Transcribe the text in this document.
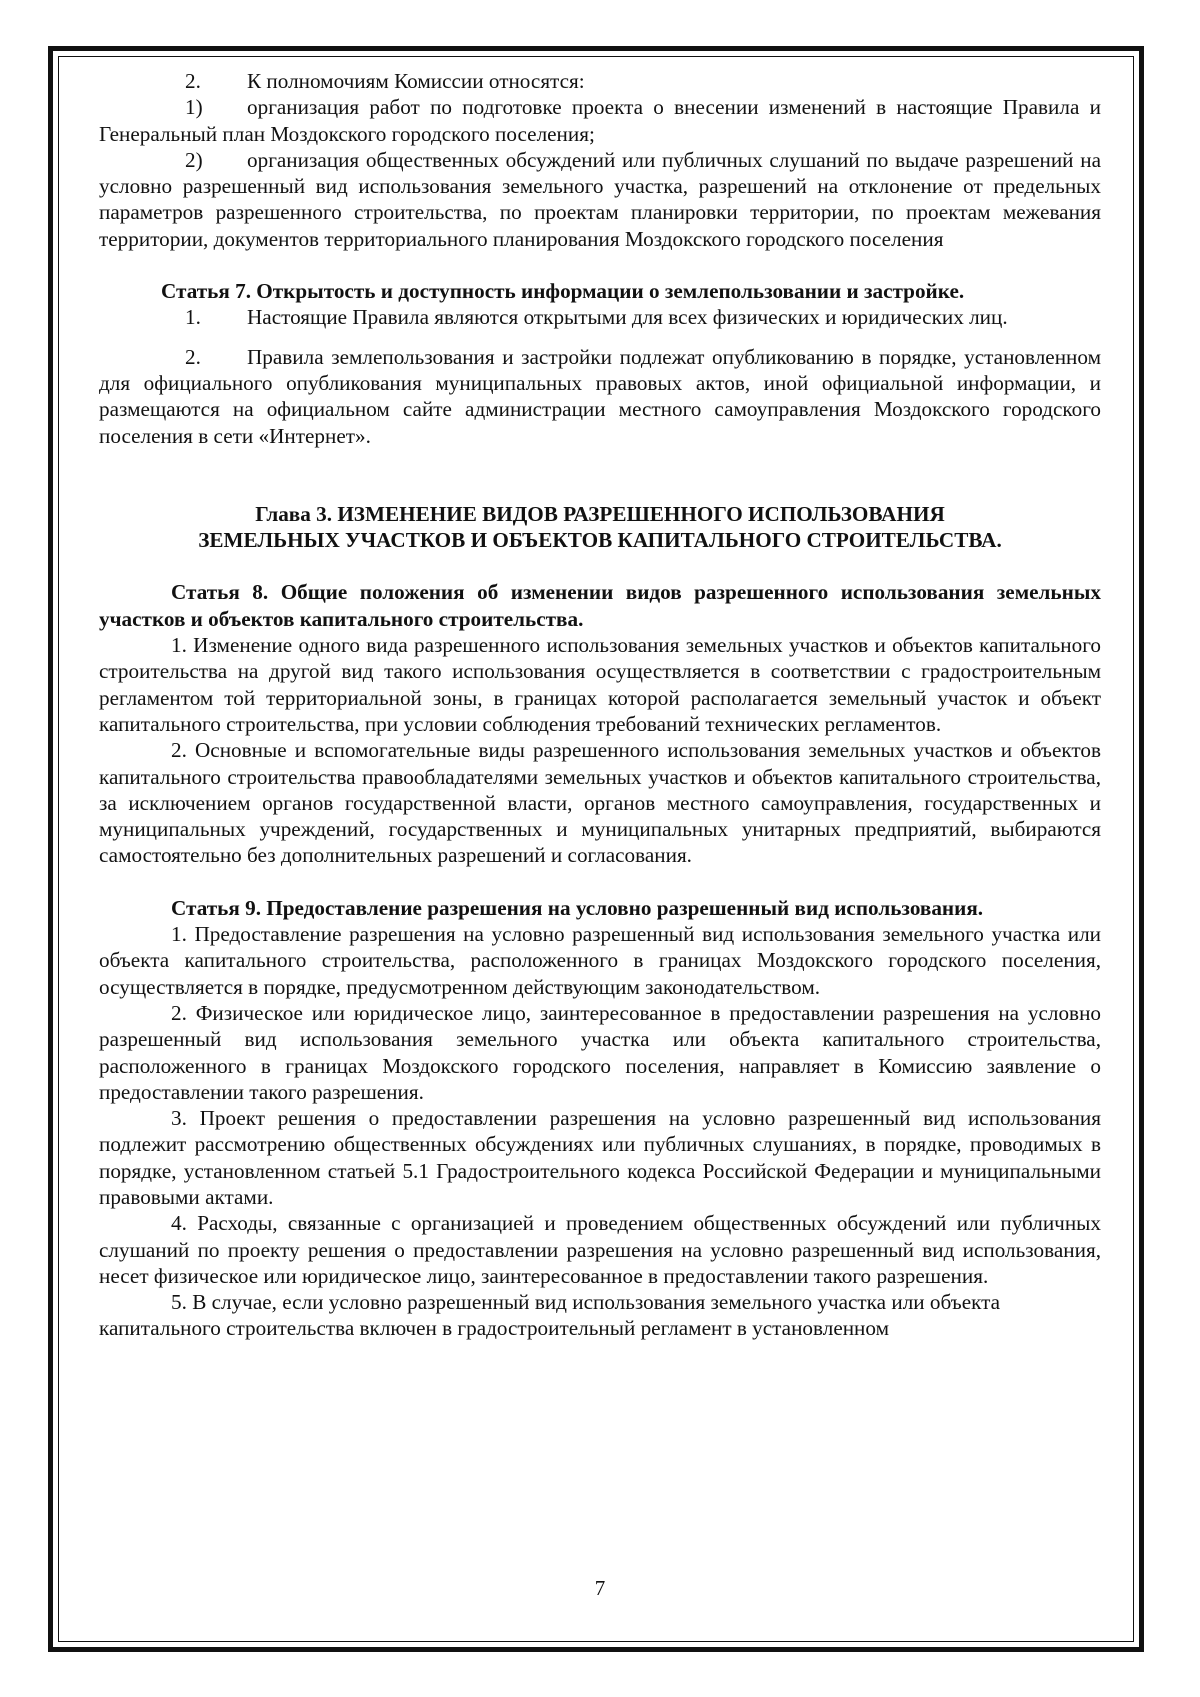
2. К полномочиям Комиссии относятся:

1) организация работ по подготовке проекта о внесении изменений в настоящие Правила и Генеральный план Моздокского городского поселения;

2) организация общественных обсуждений или публичных слушаний по выдаче разрешений на условно разрешенный вид использования земельного участка, разрешений на отклонение от предельных параметров разрешенного строительства, по проектам планировки территории, по проектам межевания территории, документов территориального планирования Моздокского городского поселения

Статья 7. Открытость и доступность информации о землепользовании и застройке.

1. Настоящие Правила являются открытыми для всех физических и юридических лиц.

2. Правила землепользования и застройки подлежат опубликованию в порядке, установленном для официального опубликования муниципальных правовых актов, иной официальной информации, и размещаются на официальном сайте администрации местного самоуправления Моздокского городского поселения в сети «Интернет».

Глава 3. ИЗМЕНЕНИЕ ВИДОВ РАЗРЕШЕННОГО ИСПОЛЬЗОВАНИЯ
ЗЕМЕЛЬНЫХ УЧАСТКОВ И ОБЪЕКТОВ КАПИТАЛЬНОГО СТРОИТЕЛЬСТВА.

Статья 8. Общие положения об изменении видов разрешенного использования земельных участков и объектов капитального строительства.

1. Изменение одного вида разрешенного использования земельных участков и объектов капитального строительства на другой вид такого использования осуществляется в соответствии с градостроительным регламентом той территориальной зоны, в границах которой располагается земельный участок и объект капитального строительства, при условии соблюдения требований технических регламентов.

2. Основные и вспомогательные виды разрешенного использования земельных участков и объектов капитального строительства правообладателями земельных участков и объектов капитального строительства, за исключением органов государственной власти, органов местного самоуправления, государственных и муниципальных учреждений, государственных и муниципальных унитарных предприятий, выбираются самостоятельно без дополнительных разрешений и согласования.

Статья 9. Предоставление разрешения на условно разрешенный вид использования.

1. Предоставление разрешения на условно разрешенный вид использования земельного участка или объекта капитального строительства, расположенного в границах Моздокского городского поселения, осуществляется в порядке, предусмотренном действующим законодательством.

2. Физическое или юридическое лицо, заинтересованное в предоставлении разрешения на условно разрешенный вид использования земельного участка или объекта капитального строительства, расположенного в границах Моздокского городского поселения, направляет в Комиссию заявление о предоставлении такого разрешения.

3. Проект решения о предоставлении разрешения на условно разрешенный вид использования подлежит рассмотрению общественных обсуждениях или публичных слушаниях, в порядке, проводимых в порядке, установленном статьей 5.1 Градостроительного кодекса Российской Федерации и муниципальными правовыми актами.

4. Расходы, связанные с организацией и проведением общественных обсуждений или публичных слушаний по проекту решения о предоставлении разрешения на условно разрешенный вид использования, несет физическое или юридическое лицо, заинтересованное в предоставлении такого разрешения.

5. В случае, если условно разрешенный вид использования земельного участка или объекта капитального строительства включен в градостроительный регламент в установленном

7
